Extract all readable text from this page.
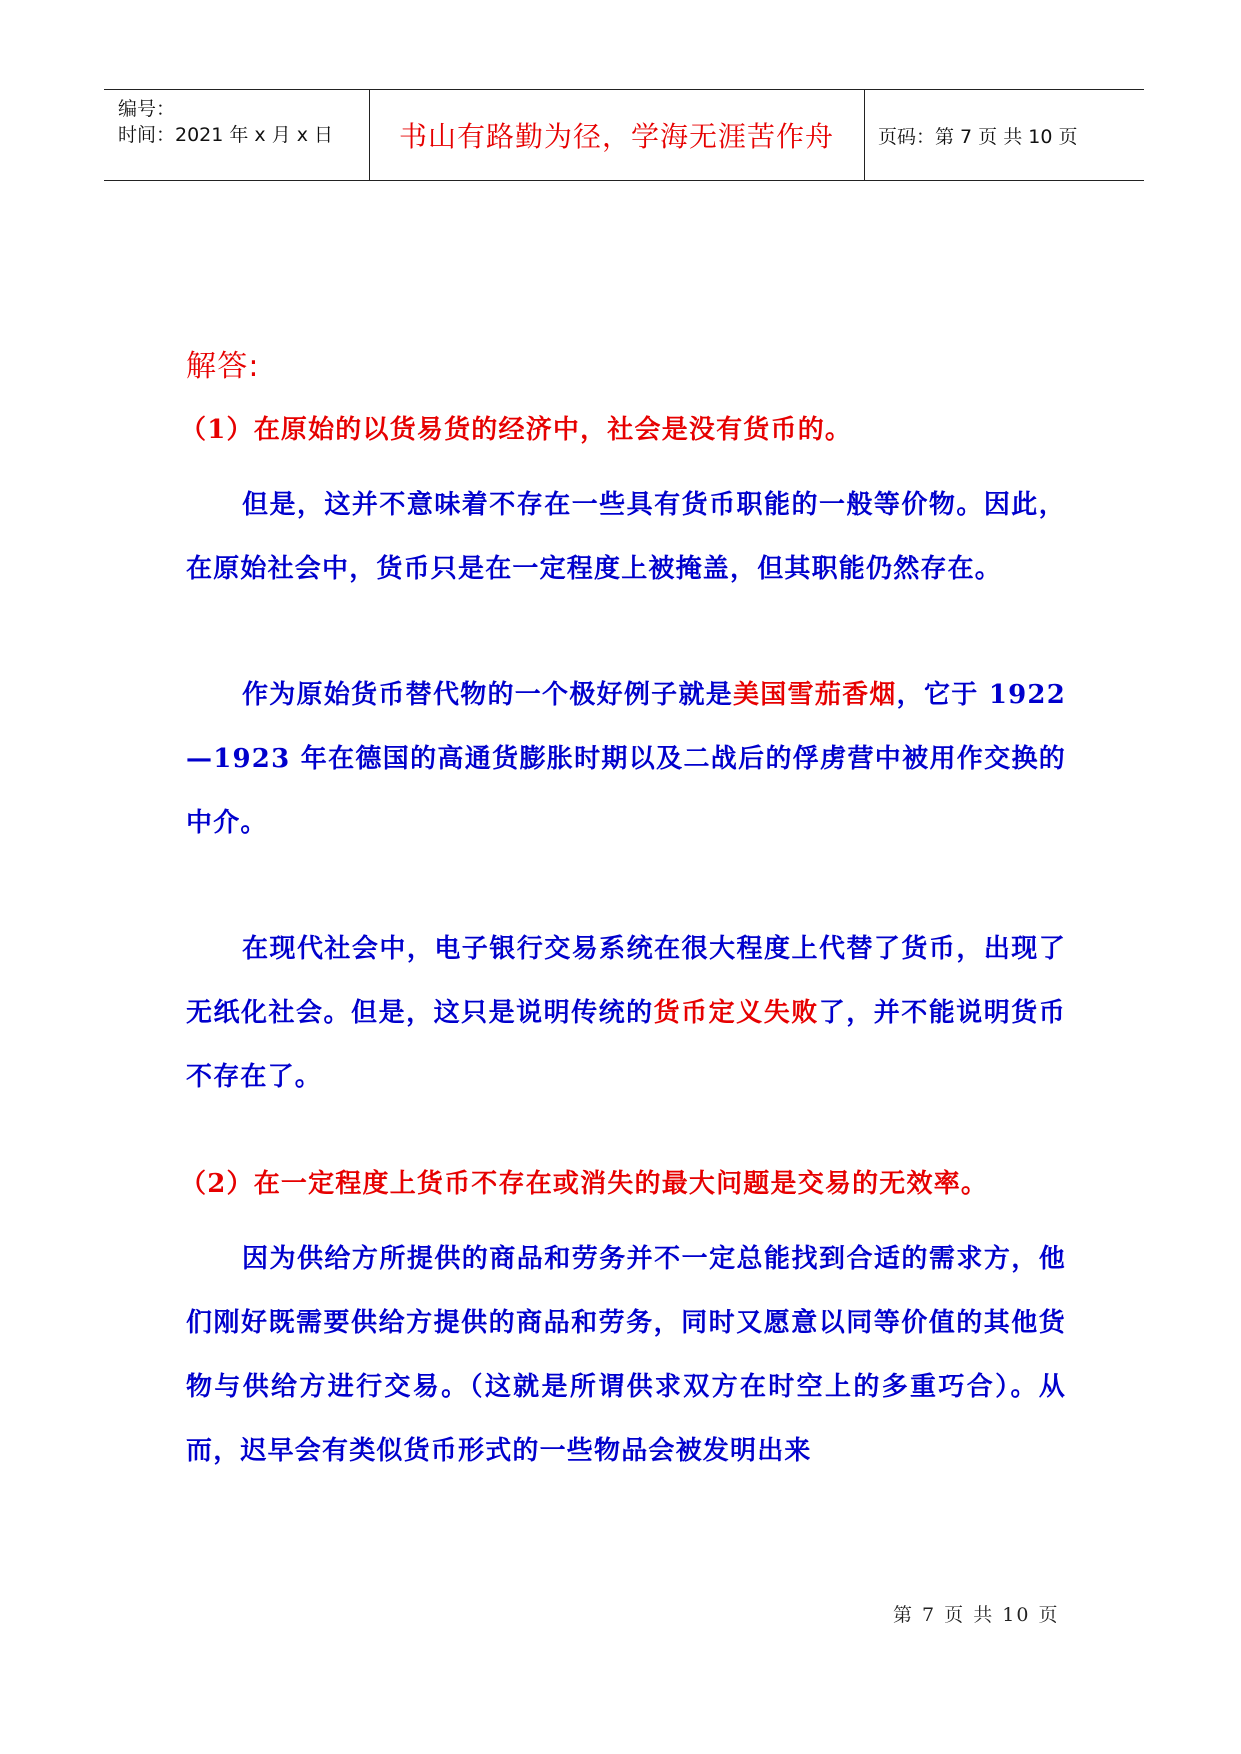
编号：
时间：2021 年 x 月 x 日	书山有路勤为径，学海无涯苦作舟	页码：第 7 页 共 10 页
解答:
（1）在原始的以货易货的经济中，社会是没有货币的。

但是，这并不意味着不存在一些具有货币职能的一般等价物。因此，在原始社会中，货币只是在一定程度上被掩盖，但其职能仍然存在。

作为原始货币替代物的一个极好例子就是美国雪茄香烟，它于 1922—1923 年在德国的高通货膨胀时期以及二战后的俘虏营中被用作交换的中介。

在现代社会中，电子银行交易系统在很大程度上代替了货币，出现了无纸化社会。但是，这只是说明传统的货币定义失败了，并不能说明货币不存在了。

（2）在一定程度上货币不存在或消失的最大问题是交易的无效率。

因为供给方所提供的商品和劳务并不一定总能找到合适的需求方，他们刚好既需要供给方提供的商品和劳务，同时又愿意以同等价值的其他货物与供给方进行交易。（这就是所谓供求双方在时空上的多重巧合）。从而，迟早会有类似货币形式的一些物品会被发明出来

第 7 页 共 10 页
